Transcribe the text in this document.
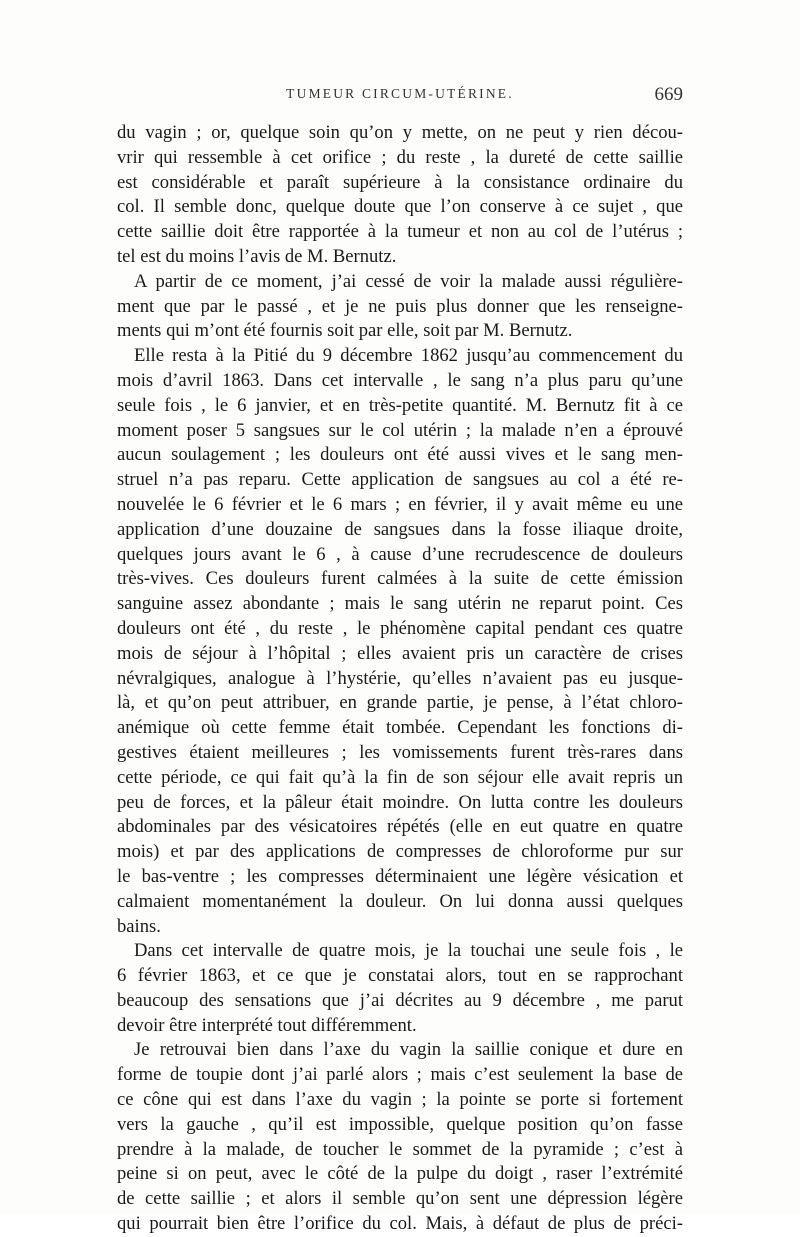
TUMEUR CIRCUM-UTÉRINE.	669
du vagin ; or, quelque soin qu’on y mette, on ne peut y rien décou-
vrir qui ressemble à cet orifice ; du reste , la dureté de cette saillie
est considérable et paraît supérieure à la consistance ordinaire du
col. Il semble donc, quelque doute que l’on conserve à ce sujet , que
cette saillie doit être rapportée à la tumeur et non au col de l’utérus ;
tel est du moins l’avis de M. Bernutz.
A partir de ce moment, j’ai cessé de voir la malade aussi régulière-
ment que par le passé , et je ne puis plus donner que les renseigne-
ments qui m’ont été fournis soit par elle, soit par M. Bernutz.
Elle resta à la Pitié du 9 décembre 1862 jusqu’au commencement du
mois d’avril 1863. Dans cet intervalle , le sang n’a plus paru qu’une
seule fois , le 6 janvier, et en très-petite quantité. M. Bernutz fit à ce
moment poser 5 sangsues sur le col utérin ; la malade n’en a éprouvé
aucun soulagement ; les douleurs ont été aussi vives et le sang men-
struel n’a pas reparu. Cette application de sangsues au col a été re-
nouvelée le 6 février et le 6 mars ; en février, il y avait même eu une
application d’une douzaine de sangsues dans la fosse iliaque droite,
quelques jours avant le 6 , à cause d’une recrudescence de douleurs
très-vives. Ces douleurs furent calmées à la suite de cette émission
sanguine assez abondante ; mais le sang utérin ne reparut point. Ces
douleurs ont été , du reste , le phénomène capital pendant ces quatre
mois de séjour à l’hôpital ; elles avaient pris un caractère de crises
névralgiques, analogue à l’hystérie, qu’elles n’avaient pas eu jusque-
là, et qu’on peut attribuer, en grande partie, je pense, à l’état chloro-
anémique où cette femme était tombée. Cependant les fonctions di-
gestives étaient meilleures ; les vomissements furent très-rares dans
cette période, ce qui fait qu’à la fin de son séjour elle avait repris un
peu de forces, et la pâleur était moindre. On lutta contre les douleurs
abdominales par des vésicatoires répétés (elle en eut quatre en quatre
mois) et par des applications de compresses de chloroforme pur sur
le bas-ventre ; les compresses déterminaient une légère vésication et
calmaient momentanément la douleur. On lui donna aussi quelques
bains.
Dans cet intervalle de quatre mois, je la touchai une seule fois , le
6 février 1863, et ce que je constatai alors, tout en se rapprochant
beaucoup des sensations que j’ai décrites au 9 décembre , me parut
devoir être interprété tout différemment.
Je retrouvai bien dans l’axe du vagin la saillie conique et dure en
forme de toupie dont j’ai parlé alors ; mais c’est seulement la base de
ce cône qui est dans l’axe du vagin ; la pointe se porte si fortement
vers la gauche , qu’il est impossible, quelque position qu’on fasse
prendre à la malade, de toucher le sommet de la pyramide ; c’est à
peine si on peut, avec le côté de la pulpe du doigt , raser l’extrémité
de cette saillie ; et alors il semble qu’on sent une dépression légère
qui pourrait bien être l’orifice du col. Mais, à défaut de plus de préci-
